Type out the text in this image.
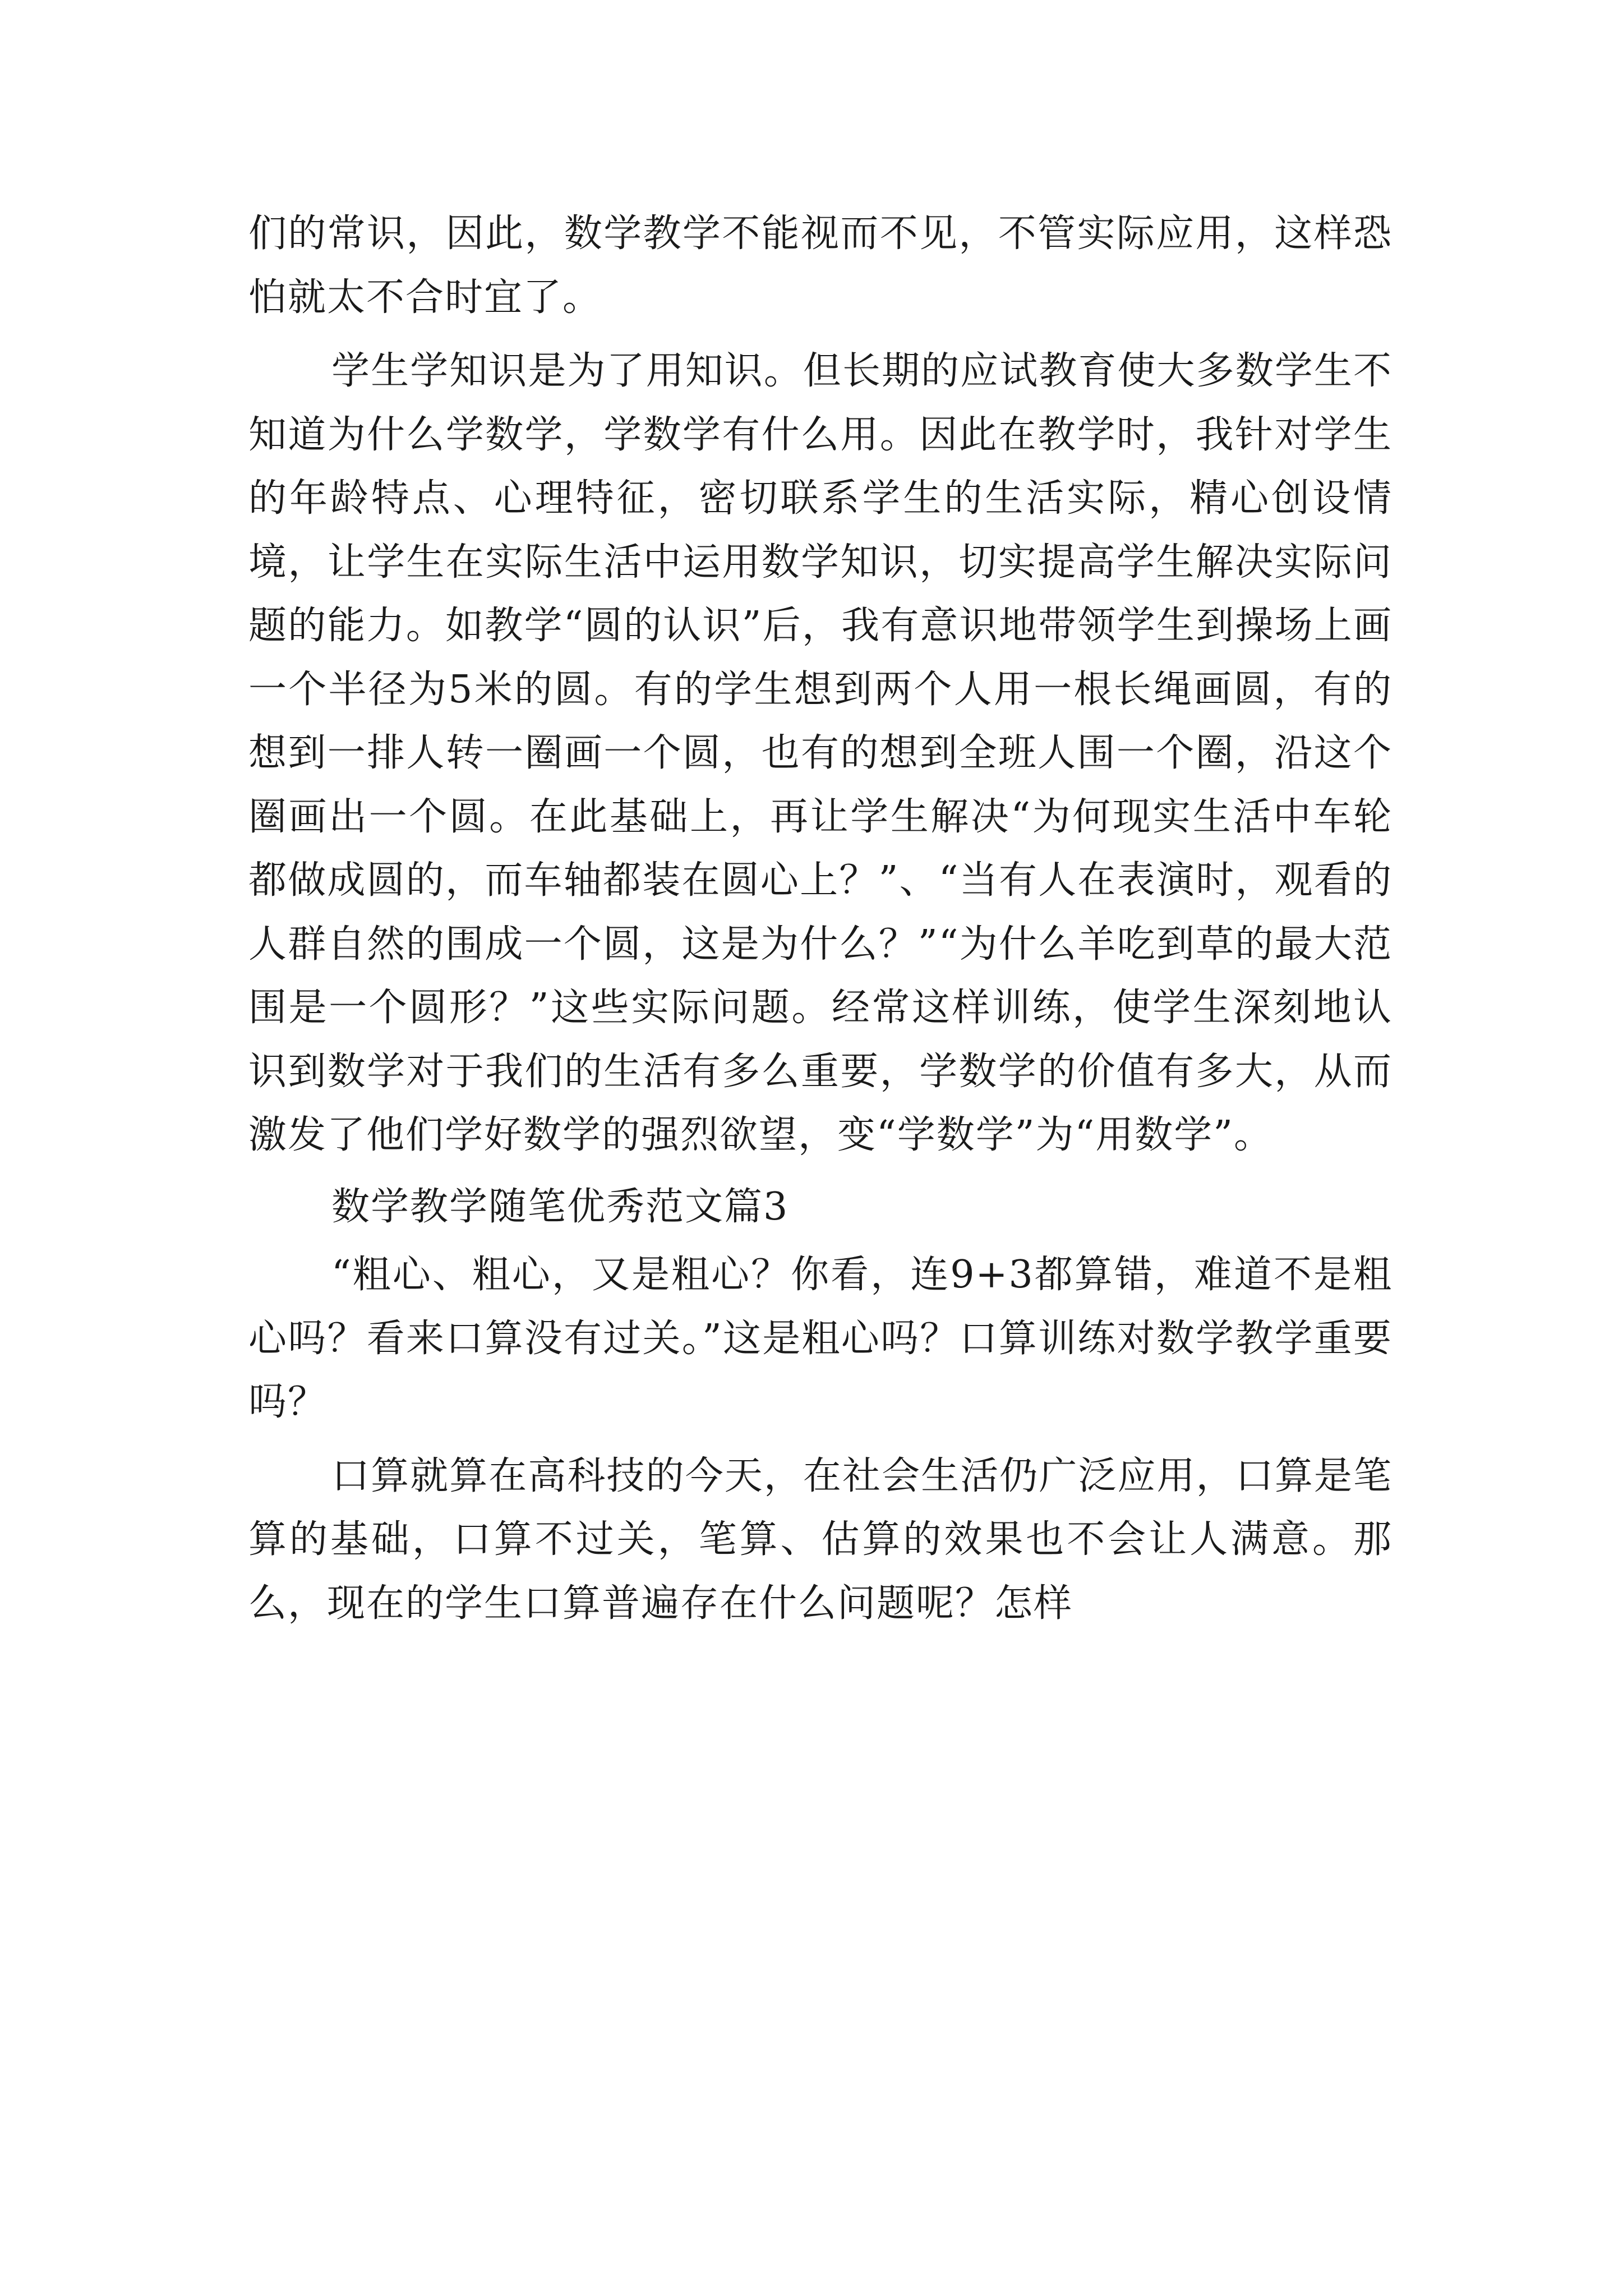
们的常识，因此，数学教学不能视而不见，不管实际应用，这样恐怕就太不合时宜了。

学生学知识是为了用知识。但长期的应试教育使大多数学生不知道为什么学数学，学数学有什么用。因此在教学时，我针对学生的年龄特点、心理特征，密切联系学生的生活实际，精心创设情境，让学生在实际生活中运用数学知识，切实提高学生解决实际问题的能力。如教学“圆的认识”后，我有意识地带领学生到操场上画一个半径为5米的圆。有的学生想到两个人用一根长绳画圆，有的想到一排人转一圈画一个圆，也有的想到全班人围一个圈，沿这个圈画出一个圆。在此基础上，再让学生解决“为何现实生活中车轮都做成圆的，而车轴都装在圆心上？”、“当有人在表演时，观看的人群自然的围成一个圆，这是为什么？”“为什么羊吃到草的最大范围是一个圆形？”这些实际问题。经常这样训练，使学生深刻地认识到数学对于我们的生活有多么重要，学数学的价值有多大，从而激发了他们学好数学的强烈欲望，变“学数学”为“用数学”。

数学教学随笔优秀范文篇3

“粗心、粗心，又是粗心？你看，连9+3都算错，难道不是粗心吗？看来口算没有过关。”这是粗心吗？口算训练对数学教学重要吗？

口算就算在高科技的今天，在社会生活仍广泛应用，口算是笔算的基础，口算不过关，笔算、估算的效果也不会让人满意。那么，现在的学生口算普遍存在什么问题呢？怎样
